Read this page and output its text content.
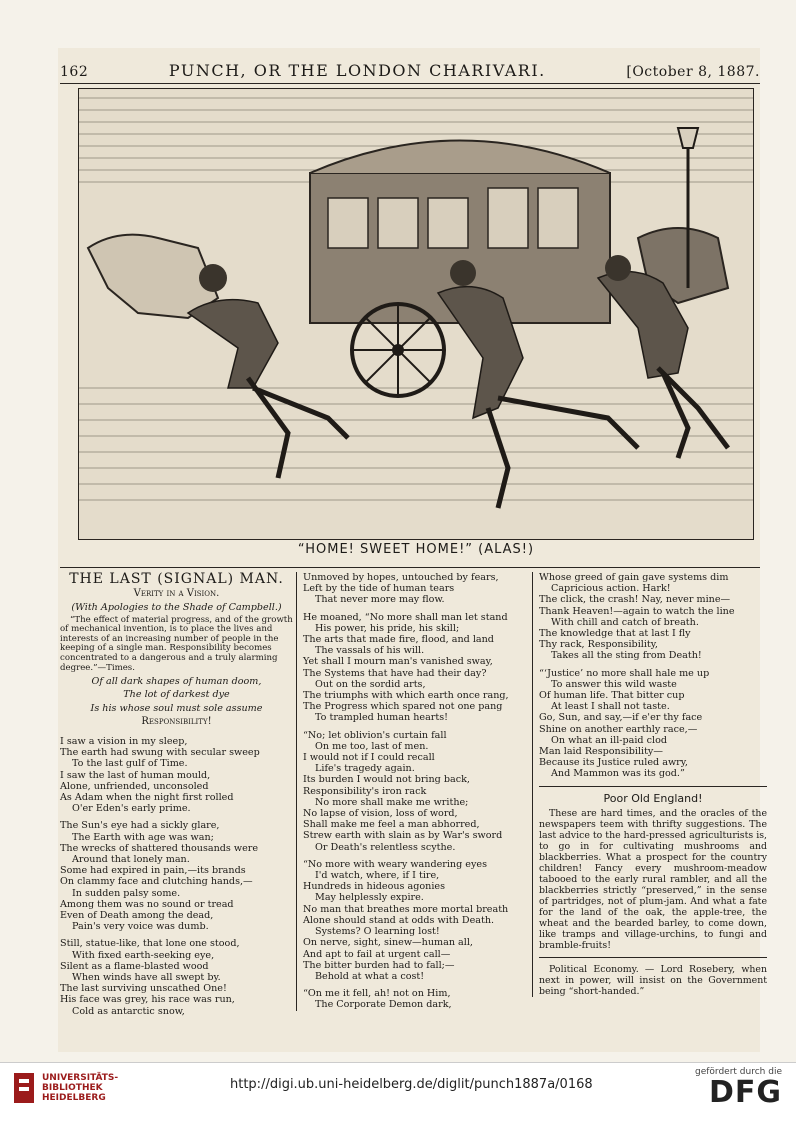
162	PUNCH, OR THE LONDON CHARIVARI.	[October 8, 1887.
“HOME! SWEET HOME!” (ALAS!)
THE LAST (SIGNAL) MAN.
Verity in a Vision.
(With Apologies to the Shade of Campbell.)
“The effect of material progress, and of the growth of mechanical invention, is to place the lives and interests of an increasing number of people in the keeping of a single man. Responsibility becomes concentrated to a dangerous and a truly alarming degree.”—Times.
Of all dark shapes of human doom,
The lot of darkest dye
Is his whose soul must sole assume
Responsibility!
I saw a vision in my sleep,
The earth had swung with secular sweep
To the last gulf of Time.
I saw the last of human mould,
Alone, unfriended, unconsoled
As Adam when the night first rolled
O'er Eden's early prime.
The Sun's eye had a sickly glare,
The Earth with age was wan;
The wrecks of shattered thousands were
Around that lonely man.
Some had expired in pain,—its brands
On clammy face and clutching hands,—
In sudden palsy some.
Among them was no sound or tread
Even of Death among the dead,
Pain's very voice was dumb.
Still, statue-like, that lone one stood,
With fixed earth-seeking eye,
Silent as a flame-blasted wood
When winds have all swept by.
The last surviving unscathed One!
His face was grey, his race was run,
Cold as antarctic snow,
Unmoved by hopes, untouched by fears,
Left by the tide of human tears
That never more may flow.
He moaned, “No more shall man let stand
His power, his pride, his skill;
The arts that made fire, flood, and land
The vassals of his will.
Yet shall I mourn man's vanished sway,
The Systems that have had their day?
Out on the sordid arts,
The triumphs with which earth once rang,
The Progress which spared not one pang
To trampled human hearts!
“No; let oblivion's curtain fall
On me too, last of men.
I would not if I could recall
Life's tragedy again.
Its burden I would not bring back,
Responsibility's iron rack
No more shall make me writhe;
No lapse of vision, loss of word,
Shall make me feel a man abhorred,
Strew earth with slain as by War's sword
Or Death's relentless scythe.
“No more with weary wandering eyes
I'd watch, where, if I tire,
Hundreds in hideous agonies
May helplessly expire.
No man that breathes more mortal breath
Alone should stand at odds with Death.
Systems? O learning lost!
On nerve, sight, sinew—human all,
And apt to fail at urgent call—
The bitter burden had to fall;—
Behold at what a cost!
“On me it fell, ah! not on Him,
The Corporate Demon dark,
Whose greed of gain gave systems dim
Capricious action. Hark!
The click, the crash! Nay, never mine—
Thank Heaven!—again to watch the line
With chill and catch of breath.
The knowledge that at last I fly
Thy rack, Responsibility,
Takes all the sting from Death!
“‘Justice’ no more shall hale me up
To answer this wild waste
Of human life. That bitter cup
At least I shall not taste.
Go, Sun, and say,—if e'er thy face
Shine on another earthly race,—
On what an ill-paid clod
Man laid Responsibility—
Because its Justice ruled awry,
And Mammon was its god.”
Poor Old England!
These are hard times, and the oracles of the newspapers teem with thrifty suggestions. The last advice to the hard-pressed agriculturists is, to go in for cultivating mushrooms and blackberries. What a prospect for the country children! Fancy every mushroom-meadow tabooed to the early rural rambler, and all the blackberries strictly “preserved,” in the sense of partridges, not of plum-jam. And what a fate for the land of the oak, the apple-tree, the wheat and the bearded barley, to come down, like tramps and village-urchins, to fungi and bramble-fruits!
Political Economy. — Lord Rosebery, when next in power, will insist on the Government being “short-handed.”
UNIVERSITÄTS-
BIBLIOTHEK
HEIDELBERG
http://digi.ub.uni-heidelberg.de/diglit/punch1887a/0168
gefördert durch die
DFG
